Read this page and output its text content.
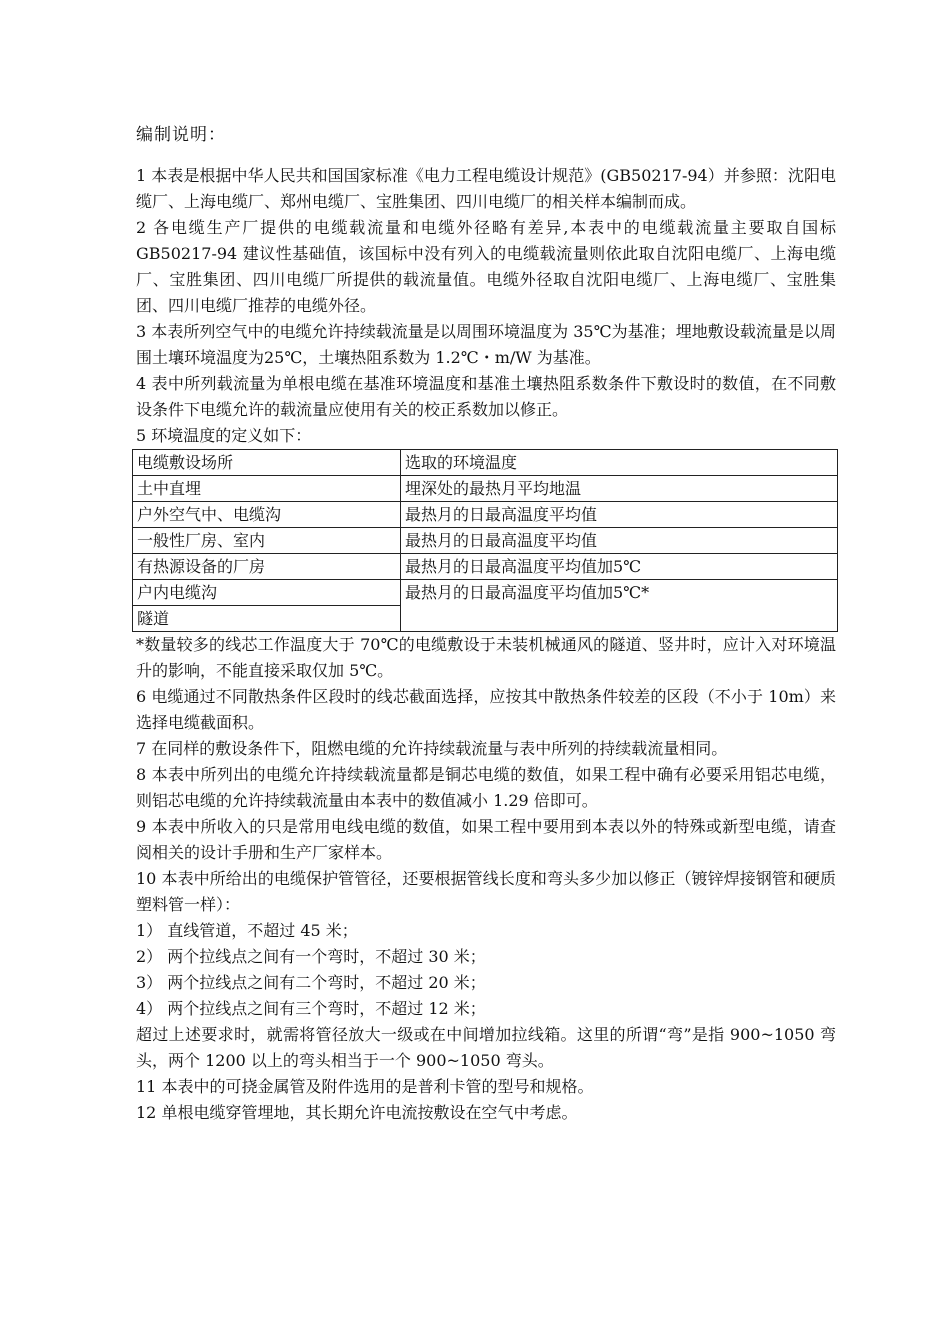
编制说明：

1 本表是根据中华人民共和国国家标准《电力工程电缆设计规范》(GB50217-94）并参照：沈阳电缆厂、上海电缆厂、郑州电缆厂、宝胜集团、四川电缆厂的相关样本编制而成。

2 各电缆生产厂提供的电缆载流量和电缆外径略有差异,本表中的电缆载流量主要取自国标 GB50217-94 建议性基础值，该国标中没有列入的电缆载流量则依此取自沈阳电缆厂、上海电缆厂、宝胜集团、四川电缆厂所提供的载流量值。电缆外径取自沈阳电缆厂、上海电缆厂、宝胜集团、四川电缆厂推荐的电缆外径。

3 本表所列空气中的电缆允许持续载流量是以周围环境温度为 35℃为基准；埋地敷设载流量是以周围土壤环境温度为25℃，土壤热阻系数为 1.2℃・m/W 为基准。

4 表中所列载流量为单根电缆在基准环境温度和基准土壤热阻系数条件下敷设时的数值，在不同敷设条件下电缆允许的载流量应使用有关的校正系数加以修正。

5 环境温度的定义如下：

电缆敷设场所	选取的环境温度
土中直埋	埋深处的最热月平均地温
户外空气中、电缆沟	最热月的日最高温度平均值
一般性厂房、室内	最热月的日最高温度平均值
有热源设备的厂房	最热月的日最高温度平均值加5℃
户内电缆沟	最热月的日最高温度平均值加5℃*
隧道	

*数量较多的线芯工作温度大于 70℃的电缆敷设于未装机械通风的隧道、竖井时，应计入对环境温升的影响，不能直接采取仅加 5℃。

6 电缆通过不同散热条件区段时的线芯截面选择，应按其中散热条件较差的区段（不小于 10m）来选择电缆截面积。

7 在同样的敷设条件下，阻燃电缆的允许持续载流量与表中所列的持续载流量相同。

8 本表中所列出的电缆允许持续载流量都是铜芯电缆的数值，如果工程中确有必要采用铝芯电缆，则铝芯电缆的允许持续载流量由本表中的数值减小 1.29 倍即可。

9 本表中所收入的只是常用电线电缆的数值，如果工程中要用到本表以外的特殊或新型电缆，请查阅相关的设计手册和生产厂家样本。

10 本表中所给出的电缆保护管管径，还要根据管线长度和弯头多少加以修正（镀锌焊接钢管和硬质塑料管一样）：

1） 直线管道，不超过 45 米；

2） 两个拉线点之间有一个弯时，不超过 30 米；

3） 两个拉线点之间有二个弯时，不超过 20 米；

4） 两个拉线点之间有三个弯时，不超过 12 米；

超过上述要求时，就需将管径放大一级或在中间增加拉线箱。这里的所谓“弯”是指 900~1050 弯头，两个 1200 以上的弯头相当于一个 900~1050 弯头。

11 本表中的可挠金属管及附件选用的是普利卡管的型号和规格。

12 单根电缆穿管埋地，其长期允许电流按敷设在空气中考虑。
